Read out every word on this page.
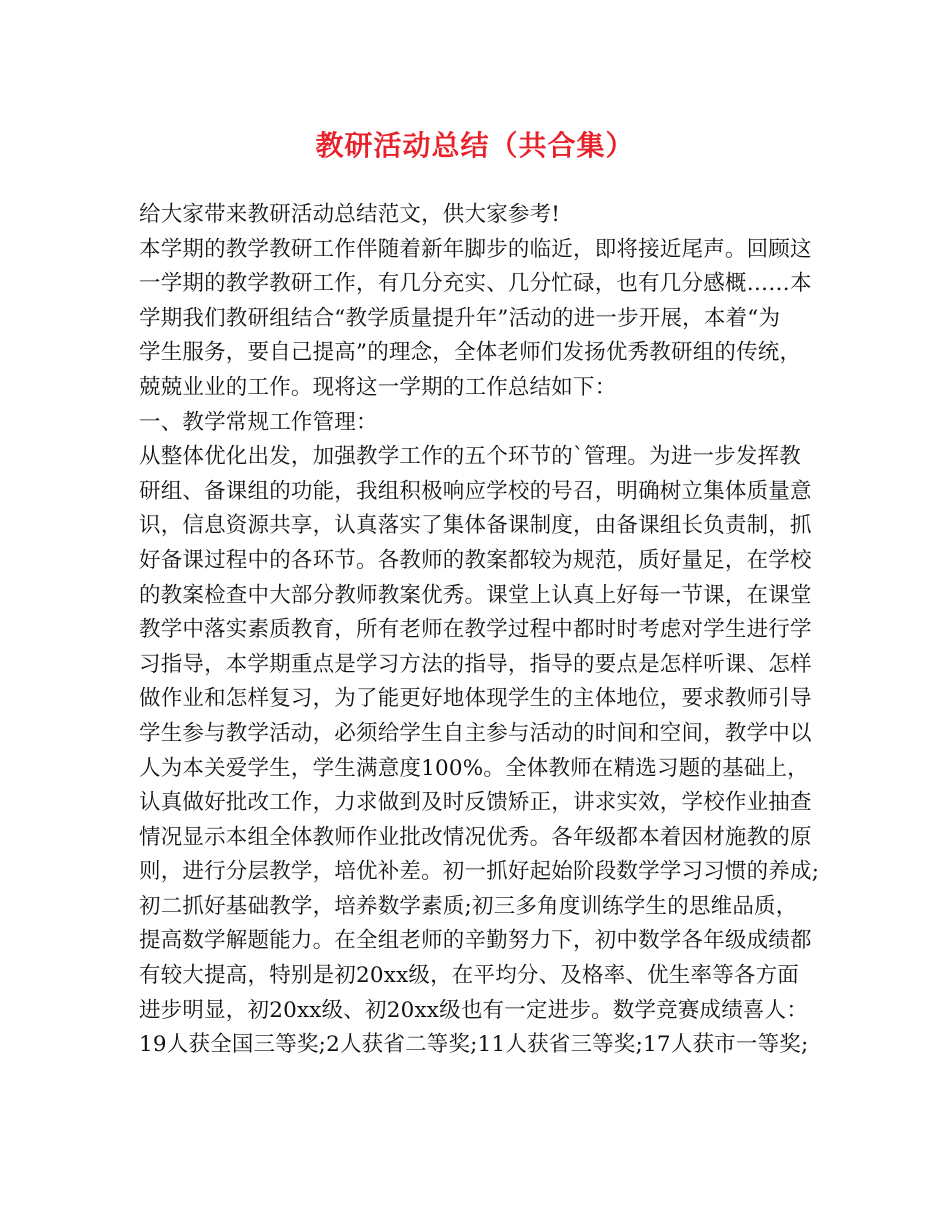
教研活动总结（共合集）
给大家带来教研活动总结范文，供大家参考!
本学期的教学教研工作伴随着新年脚步的临近，即将接近尾声。回顾这
一学期的教学教研工作，有几分充实、几分忙碌，也有几分感概……本
学期我们教研组结合“教学质量提升年”活动的进一步开展，本着“为
学生服务，要自己提高”的理念，全体老师们发扬优秀教研组的传统，
兢兢业业的工作。现将这一学期的工作总结如下：
一、教学常规工作管理：
从整体优化出发，加强教学工作的五个环节的`管理。为进一步发挥教
研组、备课组的功能，我组积极响应学校的号召，明确树立集体质量意
识，信息资源共享，认真落实了集体备课制度，由备课组长负责制，抓
好备课过程中的各环节。各教师的教案都较为规范，质好量足，在学校
的教案检查中大部分教师教案优秀。课堂上认真上好每一节课，在课堂
教学中落实素质教育，所有老师在教学过程中都时时考虑对学生进行学
习指导，本学期重点是学习方法的指导，指导的要点是怎样听课、怎样
做作业和怎样复习，为了能更好地体现学生的主体地位，要求教师引导
学生参与教学活动，必须给学生自主参与活动的时间和空间，教学中以
人为本关爱学生，学生满意度100%。全体教师在精选习题的基础上，
认真做好批改工作，力求做到及时反馈矫正，讲求实效，学校作业抽查
情况显示本组全体教师作业批改情况优秀。各年级都本着因材施教的原
则，进行分层教学，培优补差。初一抓好起始阶段数学学习习惯的养成;
初二抓好基础教学，培养数学素质;初三多角度训练学生的思维品质，
提高数学解题能力。在全组老师的辛勤努力下，初中数学各年级成绩都
有较大提高，特别是初20xx级，在平均分、及格率、优生率等各方面
进步明显，初20xx级、初20xx级也有一定进步。数学竞赛成绩喜人：
19人获全国三等奖;2人获省二等奖;11人获省三等奖;17人获市一等奖;
